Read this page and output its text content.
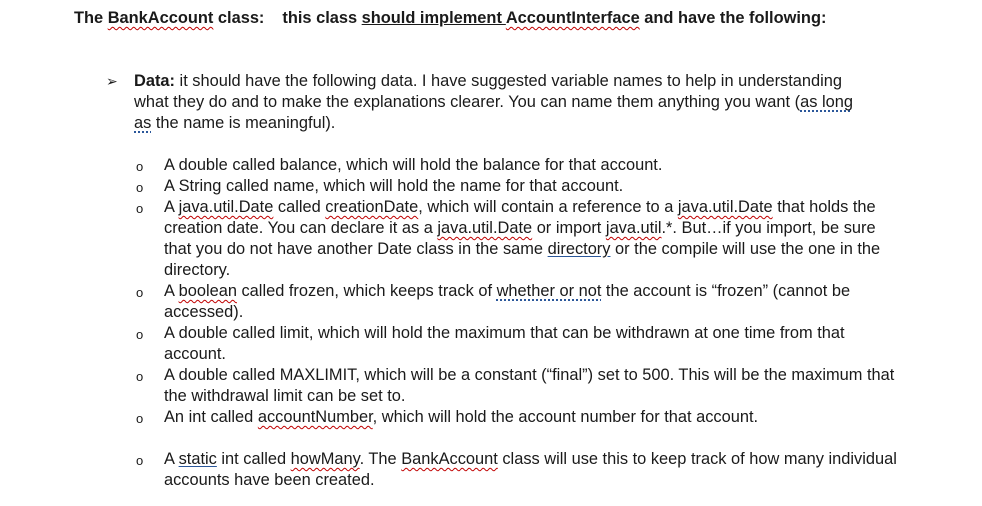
The BankAccount class: this class should implement AccountInterface and have the following:
➢ Data: it should have the following data. I have suggested variable names to help in understanding what they do and to make the explanations clearer. You can name them anything you want (as long as the name is meaningful).
o A double called balance, which will hold the balance for that account.
o A String called name, which will hold the name for that account.
o A java.util.Date called creationDate, which will contain a reference to a java.util.Date that holds the creation date. You can declare it as a java.util.Date or import java.util.*. But…if you import, be sure that you do not have another Date class in the same directory or the compile will use the one in the directory.
o A boolean called frozen, which keeps track of whether or not the account is “frozen” (cannot be accessed).
o A double called limit, which will hold the maximum that can be withdrawn at one time from that account.
o A double called MAXLIMIT, which will be a constant (“final”) set to 500. This will be the maximum that the withdrawal limit can be set to.
o An int called accountNumber, which will hold the account number for that account.
o A static int called howMany. The BankAccount class will use this to keep track of how many individual accounts have been created.
